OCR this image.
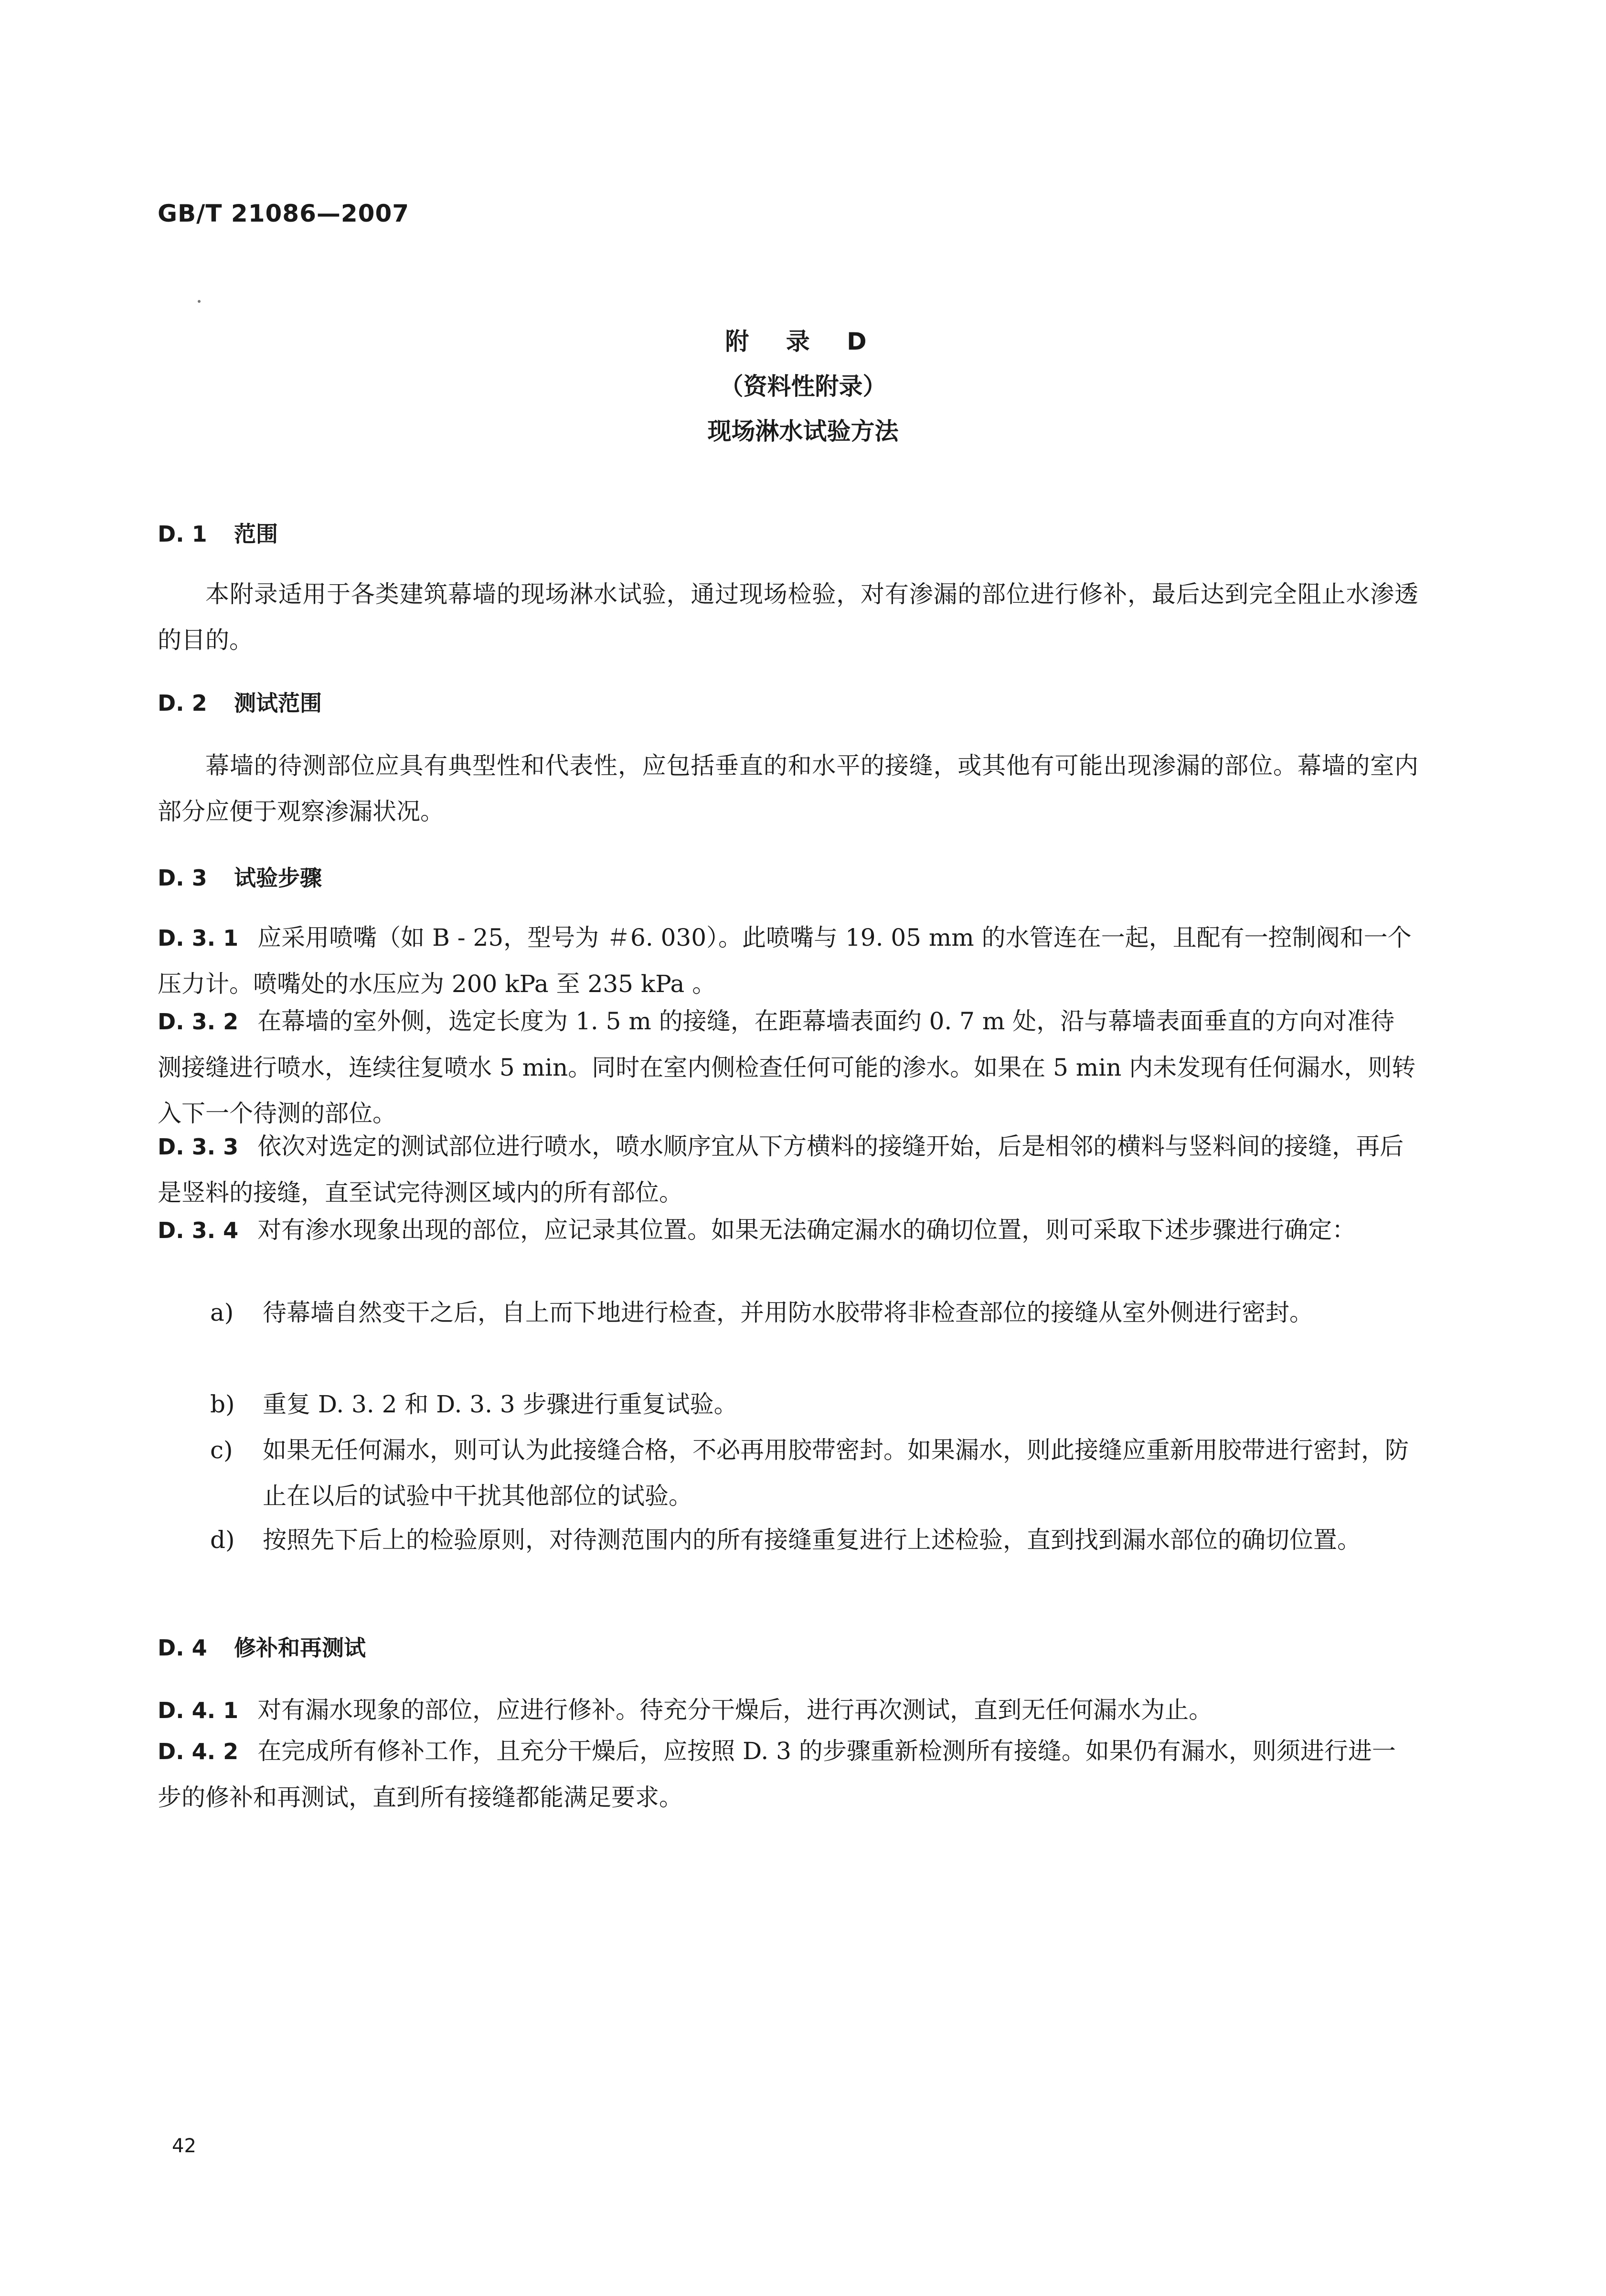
GB/T 21086—2007
附 录 D
（资料性附录）
现场淋水试验方法
D. 1 范围
本附录适用于各类建筑幕墙的现场淋水试验，通过现场检验，对有渗漏的部位进行修补，最后达到完全阻止水渗透的目的。
D. 2 测试范围
幕墙的待测部位应具有典型性和代表性，应包括垂直的和水平的接缝，或其他有可能出现渗漏的部位。幕墙的室内部分应便于观察渗漏状况。
D. 3 试验步骤
D. 3. 1 应采用喷嘴（如 B - 25，型号为 ＃6. 030）。此喷嘴与 19. 05 mm 的水管连在一起，且配有一控制阀和一个压力计。喷嘴处的水压应为 200 kPa 至 235 kPa 。
D. 3. 2 在幕墙的室外侧，选定长度为 1. 5 m 的接缝，在距幕墙表面约 0. 7 m 处，沿与幕墙表面垂直的方向对准待测接缝进行喷水，连续往复喷水 5 min。同时在室内侧检查任何可能的渗水。如果在 5 min 内未发现有任何漏水，则转入下一个待测的部位。
D. 3. 3 依次对选定的测试部位进行喷水，喷水顺序宜从下方横料的接缝开始，后是相邻的横料与竖料间的接缝，再后是竖料的接缝，直至试完待测区域内的所有部位。
D. 3. 4 对有渗水现象出现的部位，应记录其位置。如果无法确定漏水的确切位置，则可采取下述步骤进行确定：
a)	待幕墙自然变干之后，自上而下地进行检查，并用防水胶带将非检查部位的接缝从室外侧进行密封。
b)	重复 D. 3. 2 和 D. 3. 3 步骤进行重复试验。
c)	如果无任何漏水，则可认为此接缝合格，不必再用胶带密封。如果漏水，则此接缝应重新用胶带进行密封，防止在以后的试验中干扰其他部位的试验。
d)	按照先下后上的检验原则，对待测范围内的所有接缝重复进行上述检验，直到找到漏水部位的确切位置。
D. 4 修补和再测试
D. 4. 1 对有漏水现象的部位，应进行修补。待充分干燥后，进行再次测试，直到无任何漏水为止。
D. 4. 2 在完成所有修补工作，且充分干燥后，应按照 D. 3 的步骤重新检测所有接缝。如果仍有漏水，则须进行进一步的修补和再测试，直到所有接缝都能满足要求。
42
